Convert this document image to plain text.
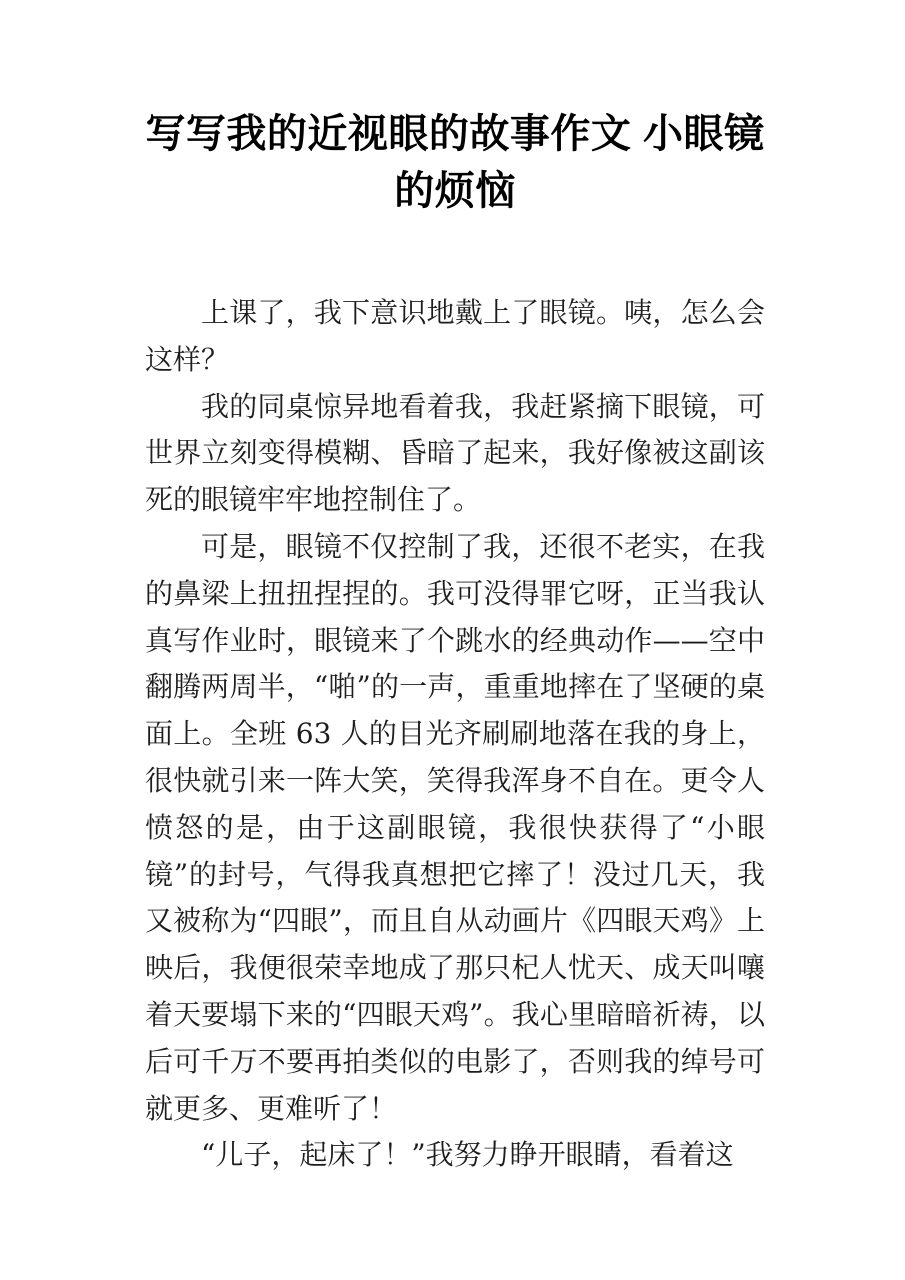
写写我的近视眼的故事作文 小眼镜的烦恼

上课了，我下意识地戴上了眼镜。咦，怎么会这样？

我的同桌惊异地看着我，我赶紧摘下眼镜，可世界立刻变得模糊、昏暗了起来，我好像被这副该死的眼镜牢牢地控制住了。

可是，眼镜不仅控制了我，还很不老实，在我的鼻梁上扭扭捏捏的。我可没得罪它呀，正当我认真写作业时，眼镜来了个跳水的经典动作——空中翻腾两周半，“啪”的一声，重重地摔在了坚硬的桌面上。全班 63 人的目光齐刷刷地落在我的身上，很快就引来一阵大笑，笑得我浑身不自在。更令人愤怒的是，由于这副眼镜，我很快获得了“小眼镜”的封号，气得我真想把它摔了！没过几天，我又被称为“四眼”，而且自从动画片《四眼天鸡》上映后，我便很荣幸地成了那只杞人忧天、成天叫嚷着天要塌下来的“四眼天鸡”。我心里暗暗祈祷，以后可千万不要再拍类似的电影了，否则我的绰号可就更多、更难听了！

“儿子，起床了！”我努力睁开眼睛，看着这
